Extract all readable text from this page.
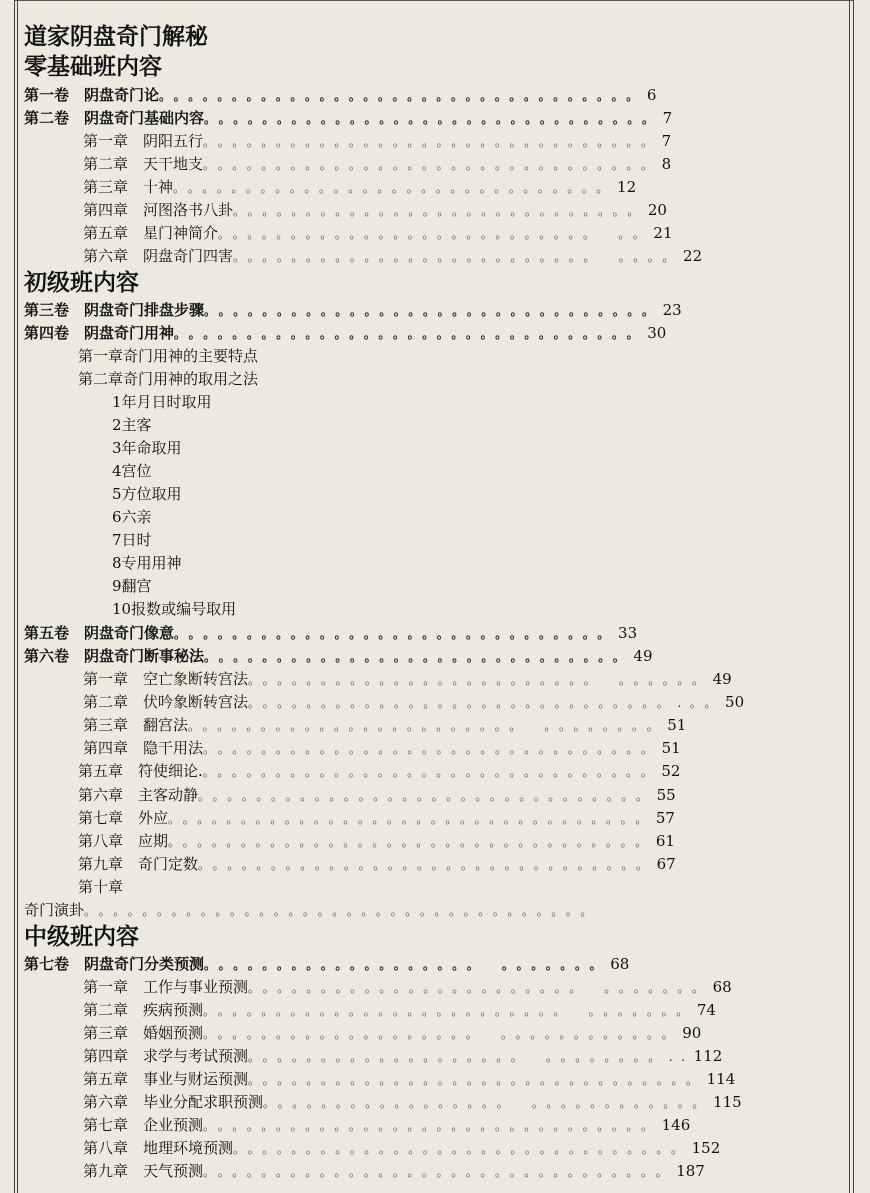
道家阴盘奇门解秘
零基础班内容
第一卷　阴盘奇门论。。。。。。。。。。。。。。。。。。。。。。。。。。。。。。。。。6
第二卷　阴盘奇门基础内容。。。。。。。。。。。。。。。。。。。。。。。。。。。。。。。7
第一章　阴阳五行。。。。。。。。。。。。。。。。。。。。。。。。。。。。。。。7
第二章　天干地支。。。。。。。。。。。。。。。。。。。。。。。。。。。。。。。8
第三章　十神。。。。。。。。。。。。。。。。。。。。。。。。。。。。。。12
第四章　河图洛书八卦。。。。。。。。。。。。。。。。。。。。。。。。。。。。20
第五章　星门神简介。。。。。。。。。。。。。。。。。。。。。。。。。。　。。21
第六章　阴盘奇门四害。。。。。。。。。。。。。。。。。。。。。。。。。　。。。。22
初级班内容
第三卷　阴盘奇门排盘步骤。。。。。。。。。。。。。。。。。。。。。。。。。。。。。。。23
第四卷　阴盘奇门用神。。。。。。。。。。。。。。。。。。。。。。。。。。。。。。。。30
第一章奇门用神的主要特点
第二章奇门用神的取用之法
1年月日时取用
2主客
3年命取用
4宫位
5方位取用
6六亲
7日时
8专用用神
9翻宫
10报数或编号取用
第五卷　阴盘奇门像意。。。。。。。。。。。。。。。。。。。。。。。。。。。。。。33
第六卷　阴盘奇门断事秘法。。。。。。。。。。。。。。。。。。。。。。。。。。。。。49
第一章　空亡象断转宫法。。。。。。。。。。。。。。。。。。。。。。。。　。。。。。。49
第二章　伏吟象断转宫法。。。。。。。。。。。。。。。。。。。。。。。。。。。。。.。。50
第三章　翻宫法。。。。。。。。。。。。。。。。。。。。。。。　。。。。。。。。51
第四章　隐干用法。。。。。。。。。。。。。。。。。。。。。。。。。。。。。。。51
第五章　符使细论.。。。。。。。。。。。。。。。。。。。。。。。。。。。。。。。52
第六章　主客动静。。。。。。。。。。。。。。。。。。。。。。。。。。。。。。。55
第七章　外应。。。。。。。。。。。。。。。。。。。。。。。。。。。。。。。。。57
第八章　应期。。。。。。。。。。。。。。。。。。。。。。。。。。。。。。。。。61
第九章　奇门定数。。。。。。。。。。。。。。。。。。。。。。。。。。。。。。。67
第十章
奇门演卦。。。。。。。。。。。。。。。。。。。。。。。。。。。。。。。。。。。
中级班内容
第七卷　阴盘奇门分类预测。。。。。。。。。。。。。。。。。。。　。。。。。。。68
第一章　工作与事业预测。。。。。。。。。。。。。。。。。。。。。。。　。。。。。。。68
第二章　疾病预测。。。。。。。。。。。。。。。。。。。。。。。。。　。。。。。。。74
第三章　婚姻预测。。。。。。。。。。。。。。。。。。。　。。。。。。。。。。。。90
第四章　求学与考试预测。。。。。。。。。。。。。。。。。。。　。。。。。。。。..112
第五章　事业与财运预测。。。。。。。。。。。。。。。。。。。。。。。。。。。。。。。114
第六章　毕业分配求职预测。。。。。。。。。。。。。。。。。　。。。。。。。。。。。。115
第七章　企业预测。。。。。。。。。。。。。。。。。。。。。。。。。。。。。。。146
第八章　地理环境预测。。。。。。。。。。。。。。。。。。。。。。。。。。。。。。。152
第九章　天气预测。。。。。。。。。。。。。。。。。。。。。。。。。。。。。。。。187
